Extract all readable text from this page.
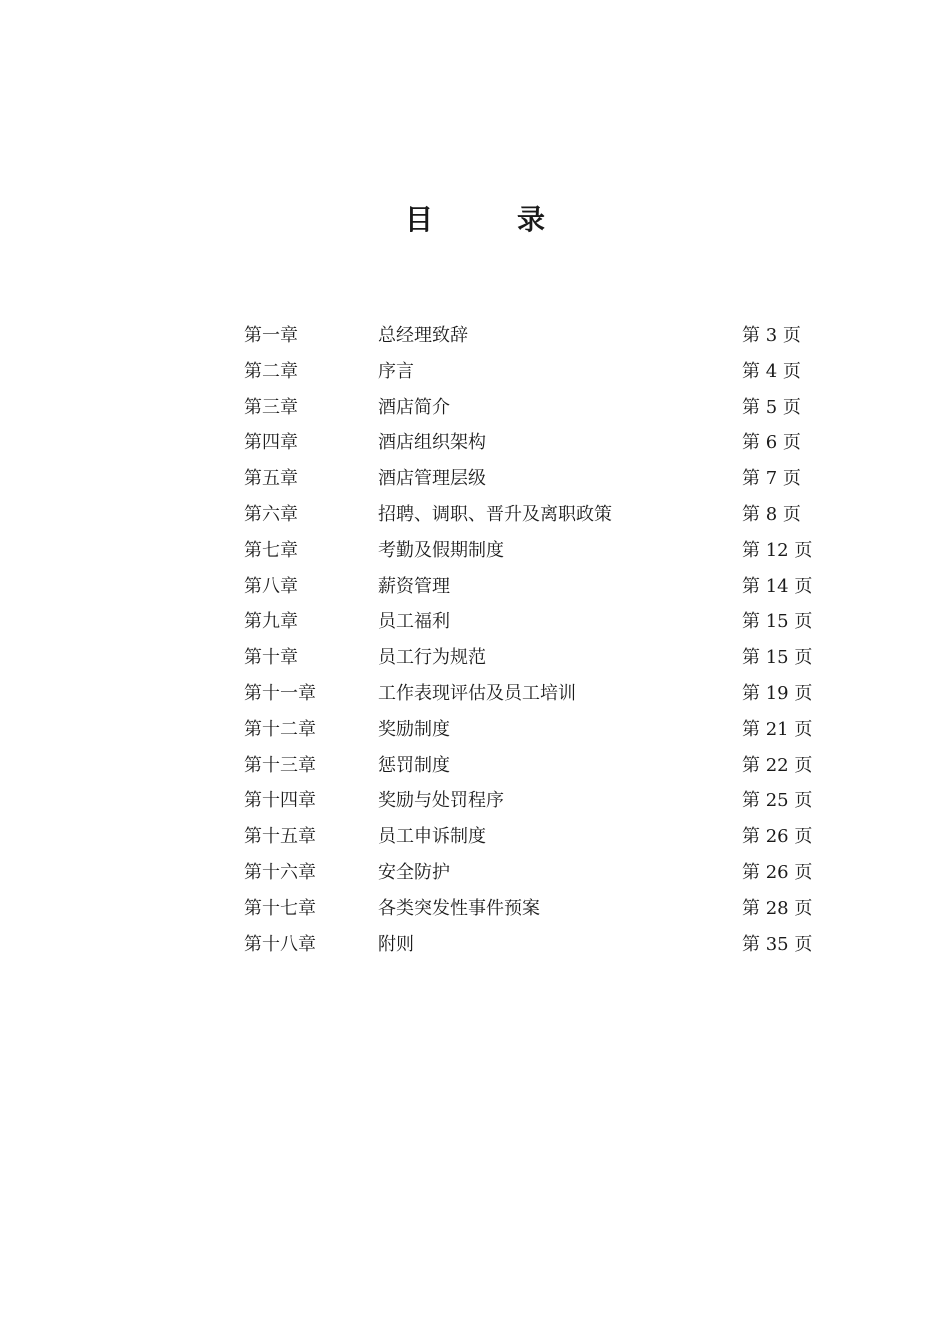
目　录
第一章	总经理致辞	第 3 页
第二章	序言	第 4 页
第三章	酒店简介	第 5 页
第四章	酒店组织架构	第 6 页
第五章	酒店管理层级	第 7 页
第六章	招聘、调职、晋升及离职政策	第 8 页
第七章	考勤及假期制度	第 12 页
第八章	薪资管理	第 14 页
第九章	员工福利	第 15 页
第十章	员工行为规范	第 15 页
第十一章	工作表现评估及员工培训	第 19 页
第十二章	奖励制度	第 21 页
第十三章	惩罚制度	第 22 页
第十四章	奖励与处罚程序	第 25 页
第十五章	员工申诉制度	第 26 页
第十六章	安全防护	第 26 页
第十七章	各类突发性事件预案	第 28 页
第十八章	附则	第 35 页
